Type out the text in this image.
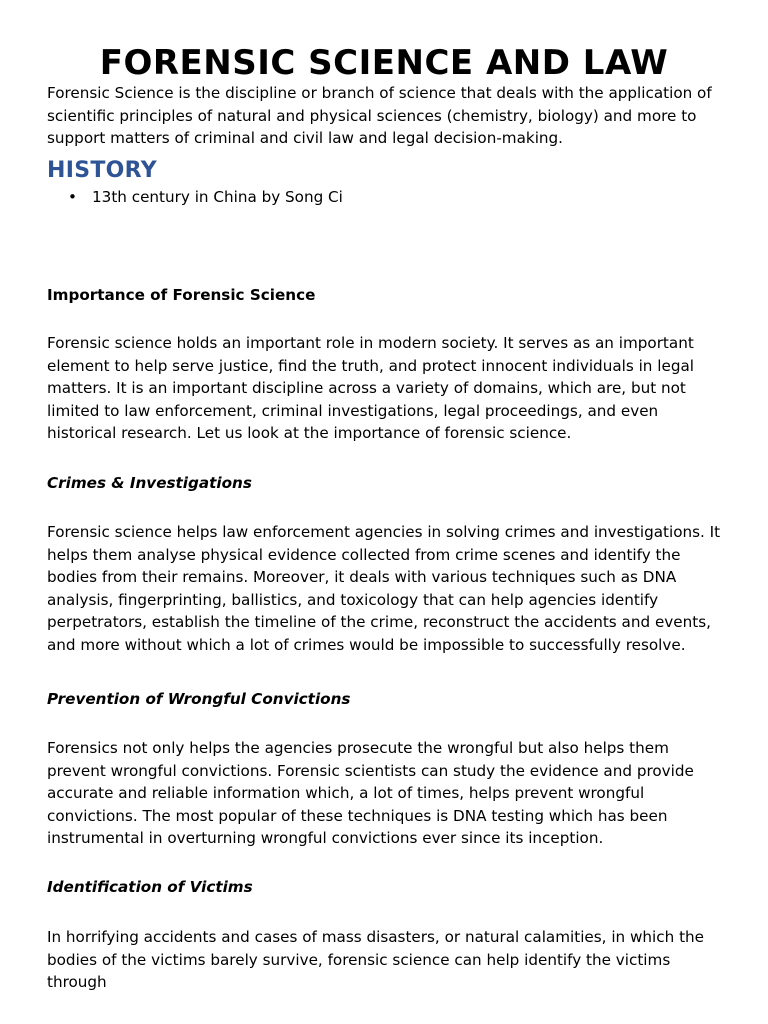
FORENSIC SCIENCE AND LAW
Forensic Science is the discipline or branch of science that deals with the application of scientific principles of natural and physical sciences (chemistry, biology) and more to support matters of criminal and civil law and legal decision-making.
HISTORY
• 13th century in China by Song Ci
Importance of Forensic Science
Forensic science holds an important role in modern society. It serves as an important element to help serve justice, find the truth, and protect innocent individuals in legal matters. It is an important discipline across a variety of domains, which are, but not limited to law enforcement, criminal investigations, legal proceedings, and even historical research. Let us look at the importance of forensic science.
Crimes & Investigations
Forensic science helps law enforcement agencies in solving crimes and investigations. It helps them analyse physical evidence collected from crime scenes and identify the bodies from their remains. Moreover, it deals with various techniques such as DNA analysis, fingerprinting, ballistics, and toxicology that can help agencies identify perpetrators, establish the timeline of the crime, reconstruct the accidents and events, and more without which a lot of crimes would be impossible to successfully resolve.
Prevention of Wrongful Convictions
Forensics not only helps the agencies prosecute the wrongful but also helps them prevent wrongful convictions. Forensic scientists can study the evidence and provide accurate and reliable information which, a lot of times, helps prevent wrongful convictions. The most popular of these techniques is DNA testing which has been instrumental in overturning wrongful convictions ever since its inception.
Identification of Victims
In horrifying accidents and cases of mass disasters, or natural calamities, in which the bodies of the victims barely survive, forensic science can help identify the victims through
